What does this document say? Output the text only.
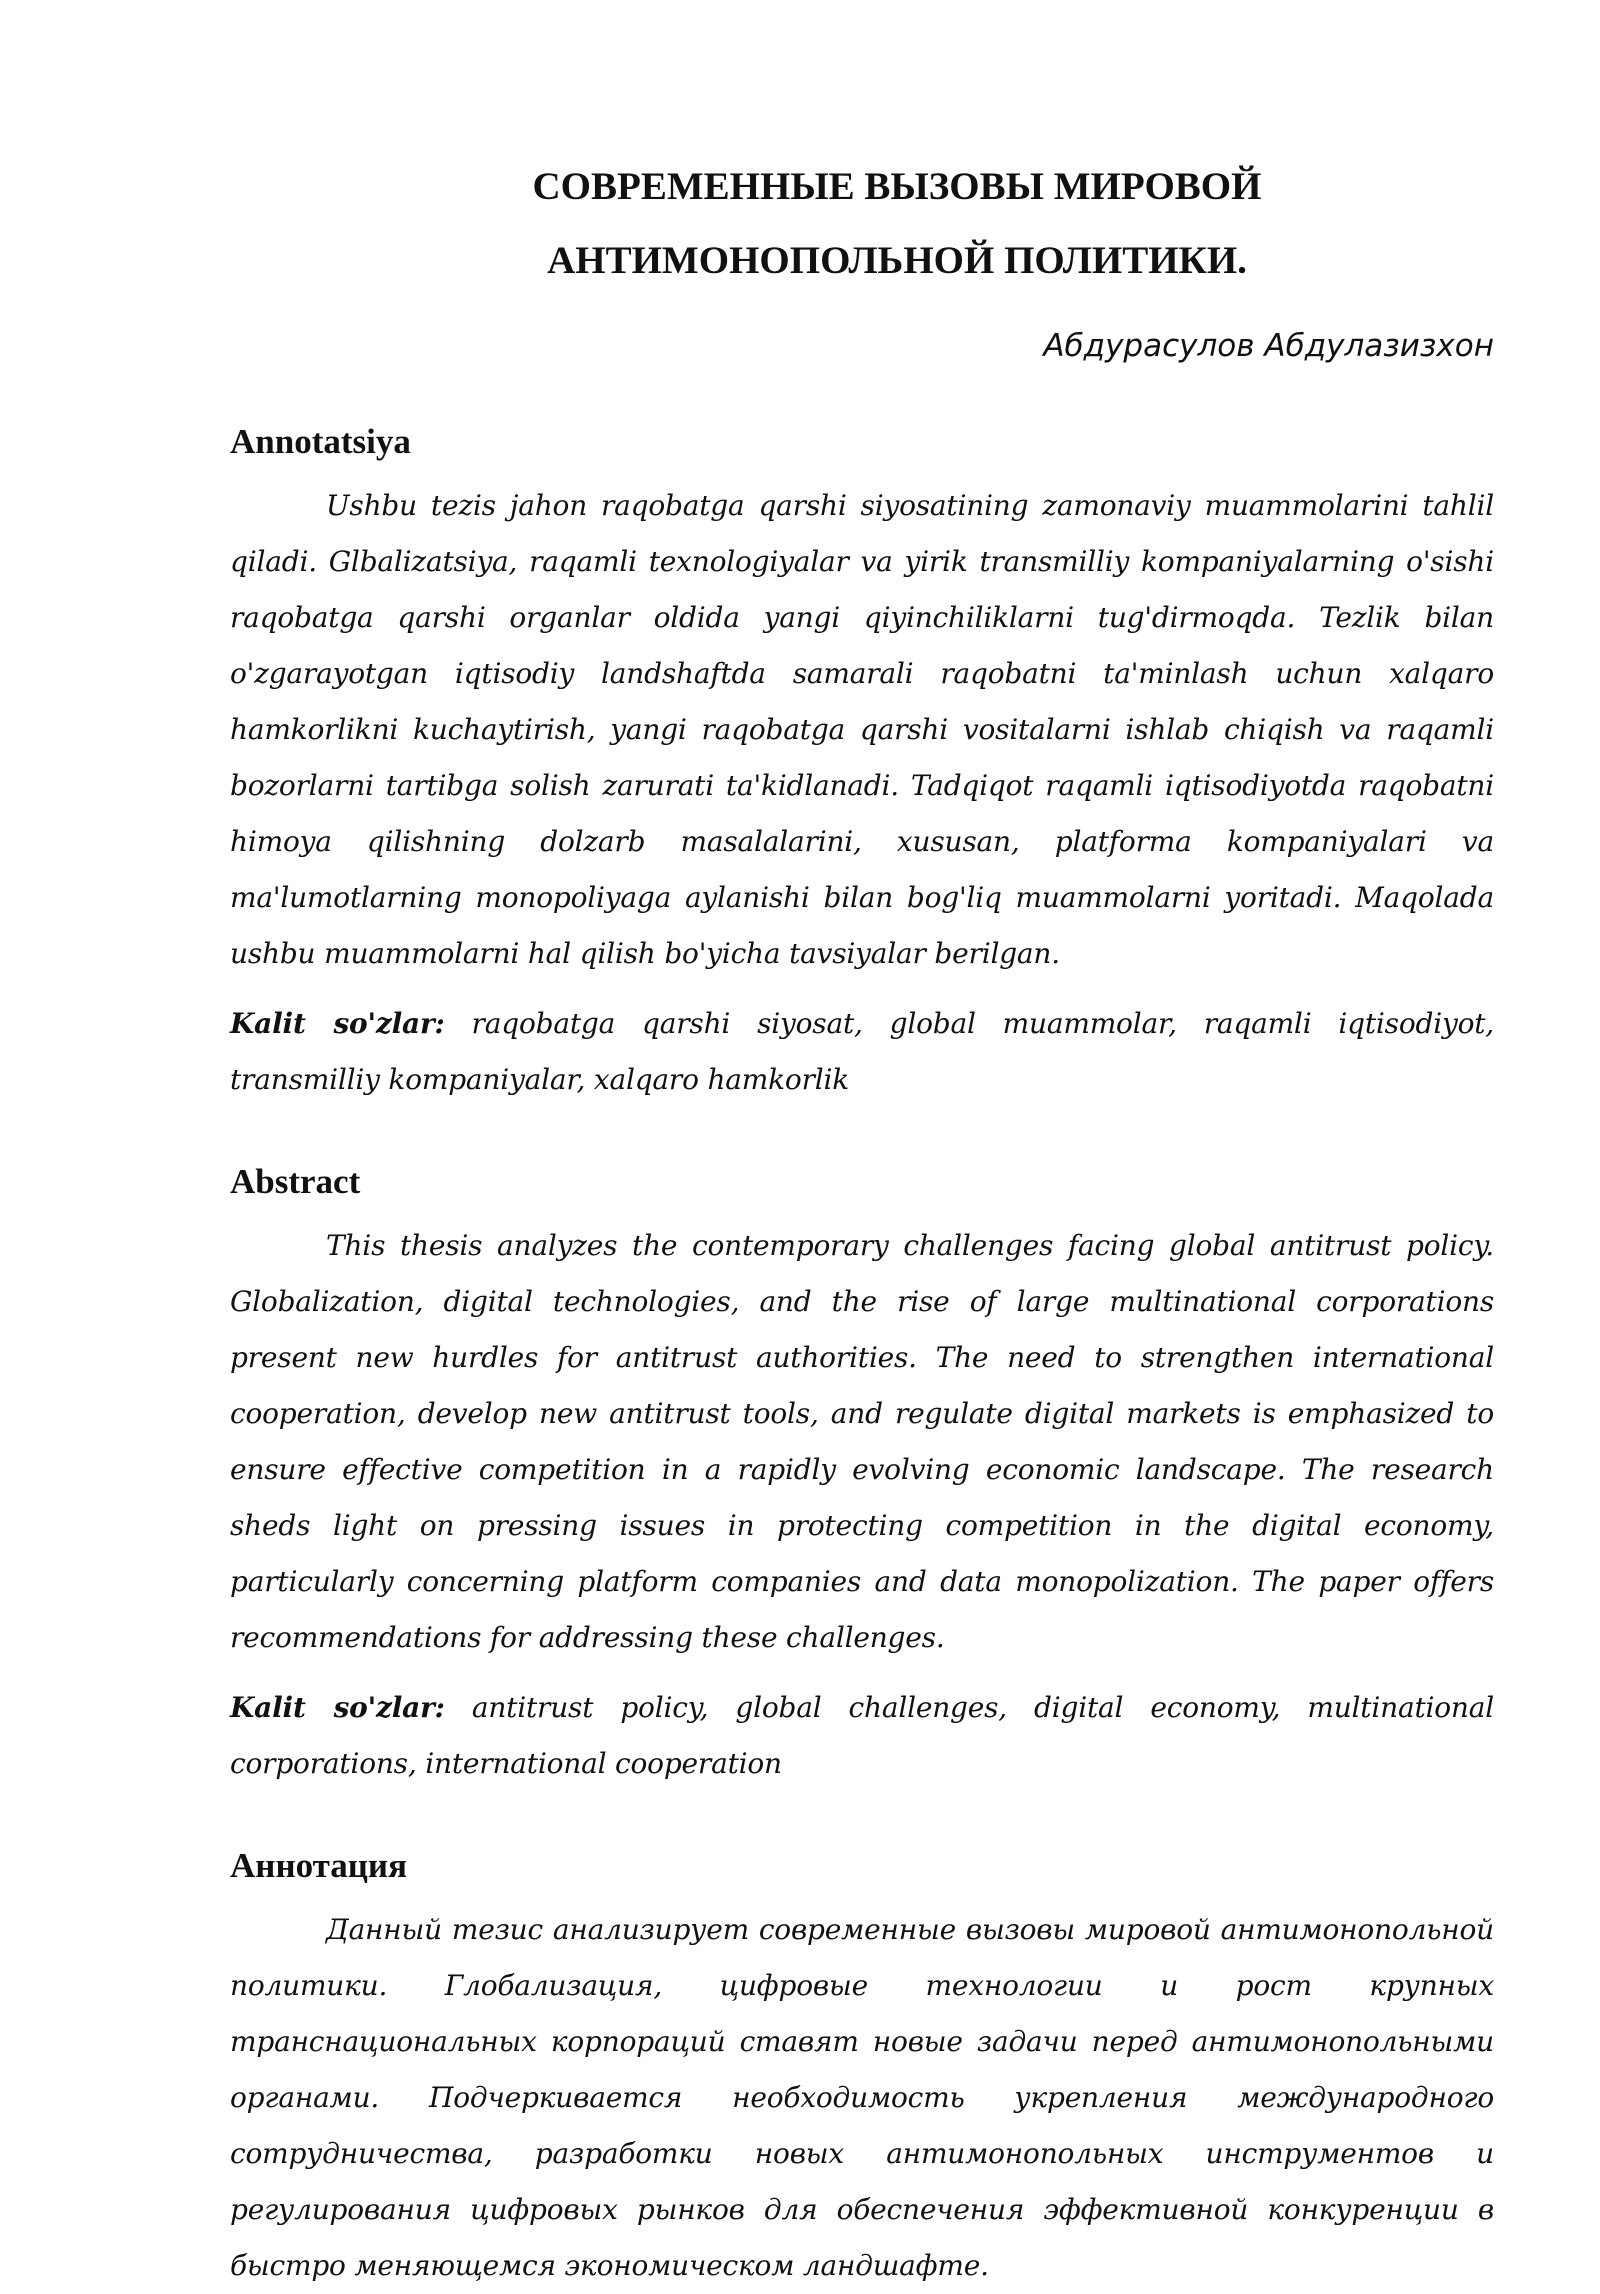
СОВРЕМЕННЫЕ ВЫЗОВЫ МИРОВОЙ
АНТИМОНОПОЛЬНОЙ ПОЛИТИКИ.
Абдурасулов Абдулазизхон
Annotatsiya

Ushbu tezis jahon raqobatga qarshi siyosatining zamonaviy muammolarini tahlil qiladi. Glbalizatsiya, raqamli texnologiyalar va yirik transmilliy kompaniyalarning o'sishi raqobatga qarshi organlar oldida yangi qiyinchiliklarni tug'dirmoqda. Tezlik bilan o'zgarayotgan iqtisodiy landshaftda samarali raqobatni ta'minlash uchun xalqaro hamkorlikni kuchaytirish, yangi raqobatga qarshi vositalarni ishlab chiqish va raqamli bozorlarni tartibga solish zarurati ta'kidlanadi. Tadqiqot raqamli iqtisodiyotda raqobatni himoya qilishning dolzarb masalalarini, xususan, platforma kompaniyalari va ma'lumotlarning monopoliyaga aylanishi bilan bog'liq muammolarni yoritadi. Maqolada ushbu muammolarni hal qilish bo'yicha tavsiyalar berilgan.

Kalit so'zlar: raqobatga qarshi siyosat, global muammolar, raqamli iqtisodiyot, transmilliy kompaniyalar, xalqaro hamkorlik

Abstract

This thesis analyzes the contemporary challenges facing global antitrust policy. Globalization, digital technologies, and the rise of large multinational corporations present new hurdles for antitrust authorities. The need to strengthen international cooperation, develop new antitrust tools, and regulate digital markets is emphasized to ensure effective competition in a rapidly evolving economic landscape. The research sheds light on pressing issues in protecting competition in the digital economy, particularly concerning platform companies and data monopolization. The paper offers recommendations for addressing these challenges.

Kalit so'zlar: antitrust policy, global challenges, digital economy, multinational corporations, international cooperation

Аннотация

Данный тезис анализирует современные вызовы мировой антимонопольной политики. Глобализация, цифровые технологии и рост крупных транснациональных корпораций ставят новые задачи перед антимонопольными органами. Подчеркивается необходимость укрепления международного сотрудничества, разработки новых антимонопольных инструментов и регулирования цифровых рынков для обеспечения эффективной конкуренции в быстро меняющемся экономическом ландшафте.
